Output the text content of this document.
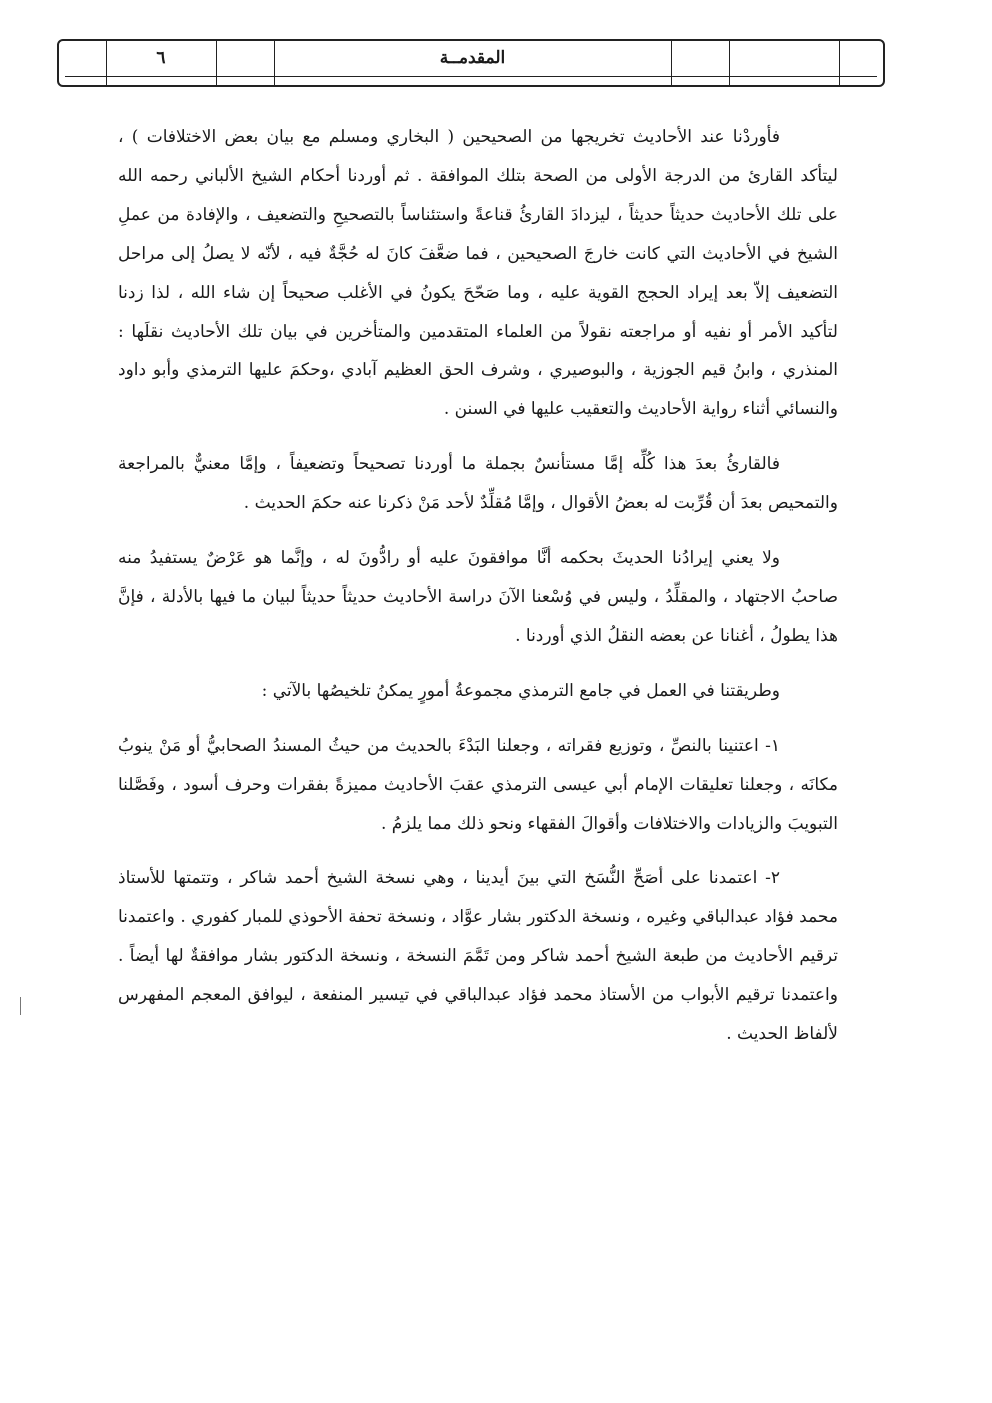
المقدمــة
٦

فأوردْنا عند الأحاديث تخريجها من الصحيحين ( البخاري ومسلم مع بيان بعض الاختلافات ) ، ليتأكد القارئ من الدرجة الأولى من الصحة بتلك الموافقة . ثم أوردنا أحكام الشيخ الألباني رحمه الله على تلك الأحاديث حديثاً حديثاً ، ليزدادَ القارئُ قناعةً واستئناساً بالتصحيحِ والتضعيف ، والإفادة من عملِ الشيخ في الأحاديث التي كانت خارجَ الصحيحين ، فما ضعَّفَ كانَ له حُجَّةٌ فيه ، لأنّه لا يصلُ إلى مراحل التضعيف إلاّ بعد إيراد الحجج القوية عليه ، وما صَحّحَ يكونُ في الأغلب صحيحاً إن شاء الله ، لذا زدنا لتأكيد الأمر أو نفيه أو مراجعته نقولاً من العلماء المتقدمين والمتأخرين في بيان تلك الأحاديث نقلَها : المنذري ، وابنُ قيم الجوزية ، والبوصيري ، وشرف الحق العظيم آبادي ،وحكمَ عليها الترمذي وأبو داود والنسائي أثناء رواية الأحاديث والتعقيب عليها في السنن .

فالقارئُ بعدَ هذا كُلِّه إمَّا مستأنسٌ بجملة ما أوردنا تصحيحاً وتضعيفاً ، وإمَّا معنيٌّ بالمراجعة والتمحيص بعدَ أن قُرِّبت له بعضُ الأقوال ، وإمَّا مُقلِّدٌ لأحد مَنْ ذكرنا عنه حكمَ الحديث .

ولا يعني إيرادُنا الحديثَ بحكمه أنَّا موافقونَ عليه أو رادُّونَ له ، وإنَّما هو عَرْضٌ يستفيدُ منه صاحبُ الاجتهاد ، والمقلِّدُ ، وليس في وُسْعنا الآنَ دراسة الأحاديث حديثاً حديثاً لبيان ما فيها بالأدلة ، فإنَّ هذا يطولُ ، أغنانا عن بعضه النقلُ الذي أوردنا .

وطريقتنا في العمل في جامع الترمذي مجموعةُ أمورٍ يمكنُ تلخيصُها بالآتي :

١- اعتنينا بالنصِّ ، وتوزيع فقراته ، وجعلنا البَدْءَ بالحديث من حيثُ المسندُ الصحابيُّ أو مَنْ ينوبُ مكانَه ، وجعلنا تعليقات الإمام أبي عيسى الترمذي عقبَ الأحاديث مميزةً بفقرات وحرف أسود ، وفَصَّلنا التبويبَ والزيادات والاختلافات وأقوالَ الفقهاء ونحو ذلك مما يلزمُ .

٢- اعتمدنا على أصَحِّ النُّسَخ التي بينَ أيدينا ، وهي نسخة الشيخ أحمد شاكر ، وتتمتها للأستاذ محمد فؤاد عبدالباقي وغيره ، ونسخة الدكتور بشار عوَّاد ، ونسخة تحفة الأحوذي للمبار كفوري . واعتمدنا ترقيم الأحاديث من طبعة الشيخ أحمد شاكر ومن تَمَّمَ النسخة ، ونسخة الدكتور بشار موافقةٌ لها أيضاً . واعتمدنا ترقيم الأبواب من الأستاذ محمد فؤاد عبدالباقي في تيسير المنفعة ، ليوافق المعجم المفهرس لألفاظ الحديث .
